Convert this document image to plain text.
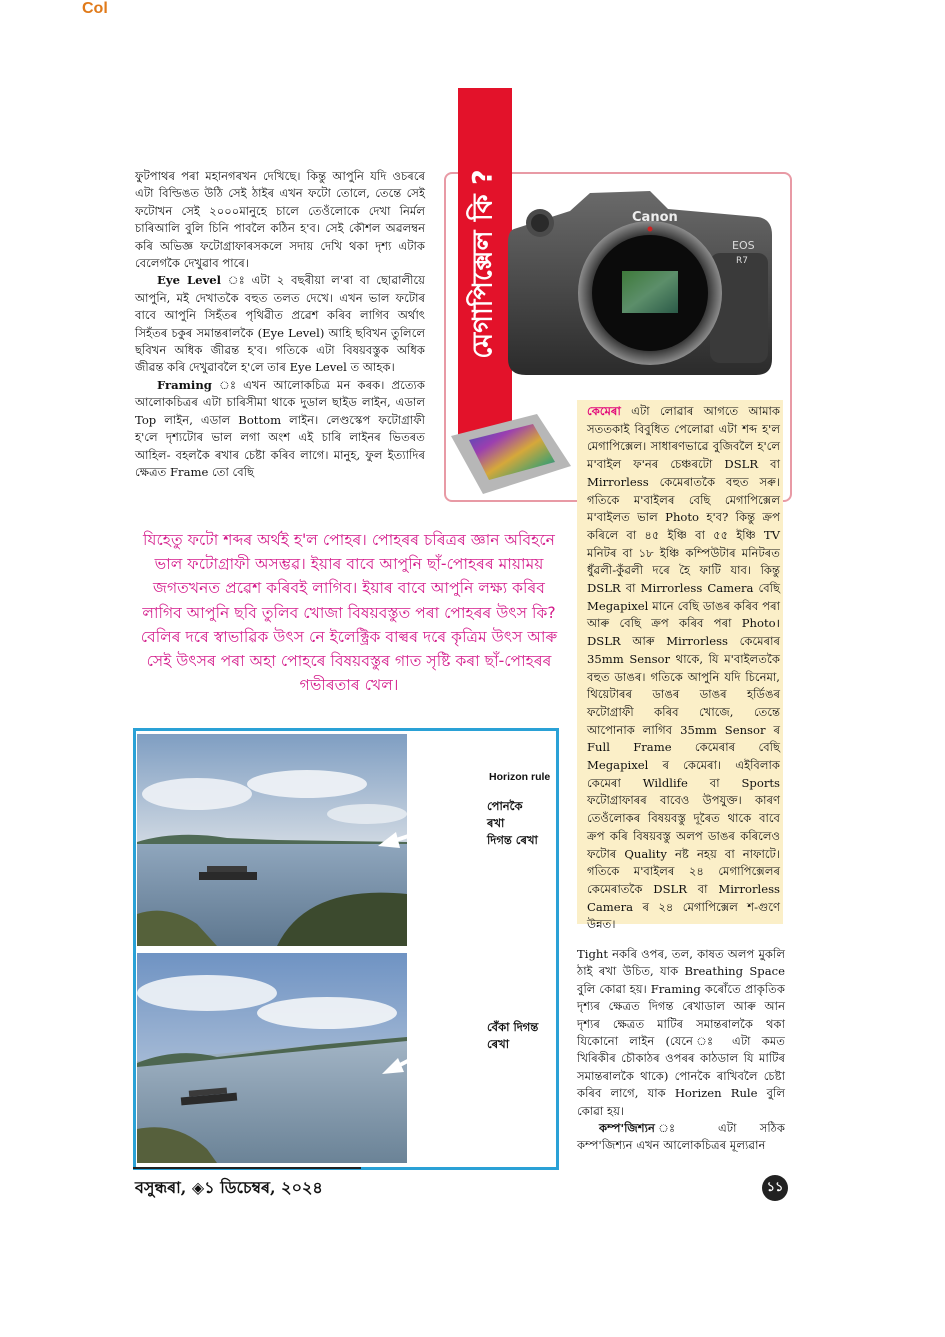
Col

ফুটপাথৰ পৰা মহানগৰখন দেখিছে। কিন্তু আপুনি যদি ওচৰৰে এটা বিল্ডিঙত উঠি সেই ঠাইৰ এখন ফটো তোলে, তেন্তে সেই ফটোখন সেই ২০০০মানুহে চালে তেওঁলোকে দেখা নির্মল চাৰিআলি বুলি চিনি পাবলৈ কঠিন হ'ব। সেই কৌশল অৱলম্বন কৰি অভিজ্ঞ ফটোগ্ৰাফাৰসকলে সদায় দেখি থকা দৃশ্য এটাক বেলেগকৈ দেখুৱাব পাৰে।

Eye Level ঃ এটা ২ বছৰীয়া ল'ৰা বা ছোৱালীয়ে আপুনি, মই দেখাতকৈ বহুত তলত দেখে। এখন ভাল ফটোৰ বাবে আপুনি সিহঁতৰ পৃথিৱীত প্ৰৱেশ কৰিব লাগিব অৰ্থাৎ সিহঁতৰ চকুৰ সমান্তৰালকৈ (Eye Level) আহি ছবিখন তুলিলে ছবিখন অধিক জীৱন্ত হ'ব। গতিকে এটা বিষয়বস্তুক অধিক জীৱন্ত কৰি দেখুৱাবলৈ হ'লে তাৰ Eye Level ত আহক।

Framing ঃ এখন আলোকচিত্ৰ মন কৰক। প্ৰত্যেক আলোকচিত্ৰৰ এটা চাৰিসীমা থাকে দুডাল ছাইড লাইন, এডাল Top লাইন, এডাল Bottom লাইন। লেণ্ডস্কেপ ফটোগ্ৰাফী হ'লে দৃশ্যটোৰ ভাল লগা অংশ এই চাৰি লাইনৰ ভিতৰত আহিল- বহলকৈ ৰখাৰ চেষ্টা কৰিব লাগে। মানুহ, ফুল ইত্যাদিৰ ক্ষেত্ৰত Frame তো বেছি

মেগাপিক্সেল কি ?	Canon
EOS
R7
কেমেৰা এটা লোৱাৰ আগতে আমাক সততকাই বিবুধিত পেলোৱা এটা শব্দ হ'ল মেগাপিক্সেল। সাধাৰণভাৱে বুজিবলৈ হ'লে ম'বাইল ফ'নৰ চেঞ্চৰটো DSLR বা Mirrorless কেমেৰাতকৈ বহুত সৰু। গতিকে ম'বাইলৰ বেছি মেগাপিক্সেল ম'বাইলত ভাল Photo হ'ব? কিন্তু ক্ৰপ কৰিলে বা ৪৫ ইঞ্চি বা ৫৫ ইঞ্চি TV মনিটৰ বা ১৮ ইঞ্চি কম্পিউটাৰ মনিটৰত ধুঁৱলী-কুঁৱলী দৰে হৈ ফাটি যাব। কিন্তু DSLR বা Mirrorless Camera বেছি Megapixel মানে বেছি ডাঙৰ কৰিব পৰা আৰু বেছি ক্ৰপ কৰিব পৰা Photo। DSLR আৰু Mirrorless কেমেৰাৰ 35mm Sensor থাকে, যি ম'বাইলতকৈ বহুত ডাঙৰ। গতিকে আপুনি যদি চিনেমা, থিয়েটাৰৰ ডাঙৰ ডাঙৰ হৰ্ডিঙৰ ফটোগ্ৰাফী কৰিব খোজে, তেন্তে আপোনাক লাগিব 35mm Sensor ৰ Full Frame কেমেৰাৰ বেছি Megapixel ৰ কেমেৰা। এইবিলাক কেমেৰা Wildlife বা Sports ফটোগ্ৰাফাৰৰ বাবেও উপযুক্ত। কাৰণ তেওঁলোকৰ বিষয়বস্তু দূৰৈত থাকে বাবে ক্ৰপ কৰি বিষয়বস্তু অলপ ডাঙৰ কৰিলেও ফটোৰ Quality নষ্ট নহয় বা নাফাটে। গতিকে ম'বাইলৰ ২৪ মেগাপিক্সেলৰ কেমেৰাতকৈ DSLR বা Mirrorless Camera ৰ ২৪ মেগাপিক্সেল শ-গুণে উন্নত।
যিহেতু ফটো শব্দৰ অৰ্থই হ'ল পোহৰ। পোহৰৰ চৰিত্ৰৰ জ্ঞান অবিহনে ভাল ফটোগ্ৰাফী অসম্ভৱ। ইয়াৰ বাবে আপুনি ছাঁ-পোহৰৰ মায়াময় জগতখনত প্ৰৱেশ কৰিবই লাগিব। ইয়াৰ বাবে আপুনি লক্ষ্য কৰিব লাগিব আপুনি ছবি তুলিব খোজা বিষয়বস্তুত পৰা পোহৰৰ উৎস কি? বেলিৰ দৰে স্বাভাৱিক উৎস নে ইলেক্ট্ৰিক বাল্বৰ দৰে কৃত্ৰিম উৎস আৰু সেই উৎসৰ পৰা অহা পোহৰে বিষয়বস্তুৰ গাত সৃষ্টি কৰা ছাঁ-পোহৰৰ গভীৰতাৰ খেল।
Horizon rule
পোনকৈ
ৰখা
দিগন্ত ৰেখা
বেঁকা দিগন্ত
ৰেখা

Tight নকৰি ওপৰ, তল, কাষত অলপ মুকলি ঠাই ৰখা উচিত, যাক Breathing Space বুলি কোৱা হয়। Framing কৰোঁতে প্ৰাকৃতিক দৃশ্যৰ ক্ষেত্ৰত দিগন্ত ৰেখাডাল আৰু আন দৃশ্যৰ ক্ষেত্ৰত মাটিৰ সমান্তৰালকৈ থকা যিকোনো লাইন (যেনে ঃ এটা কমত খিৰিকীৰ চৌকাঠৰ ওপৰৰ কাঠডাল যি মাটিৰ সমান্তৰালকৈ থাকে) পোনকৈ ৰাখিবলৈ চেষ্টা কৰিব লাগে, যাক Horizen Rule বুলি কোৱা হয়।

কম্প'জিশ্যন ঃ এটা সঠিক কম্প'জিশ্যন এখন আলোকচিত্ৰৰ মূল্যৱান

বসুন্ধৰা, ◈১ ডিচেম্বৰ, ২০২৪	১১
